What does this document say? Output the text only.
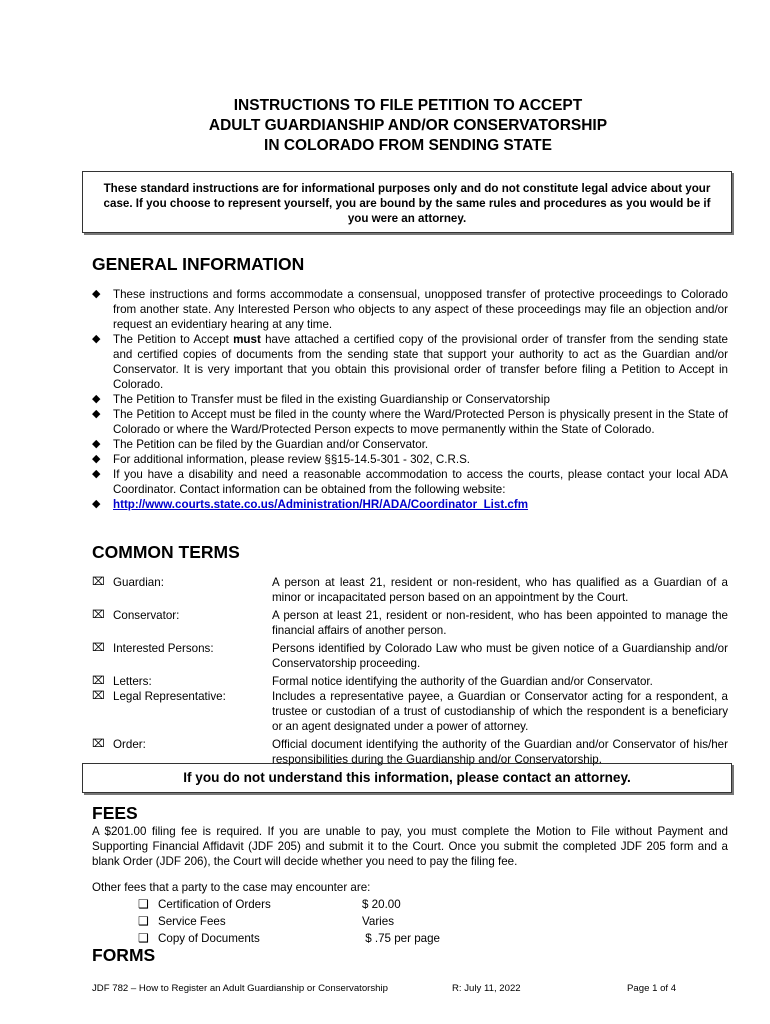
INSTRUCTIONS TO FILE PETITION TO ACCEPT
ADULT GUARDIANSHIP AND/OR CONSERVATORSHIP
IN COLORADO FROM SENDING STATE
These standard instructions are for informational purposes only and do not constitute legal advice about your case. If you choose to represent yourself, you are bound by the same rules and procedures as you would be if you were an attorney.
GENERAL INFORMATION
◆ These instructions and forms accommodate a consensual, unopposed transfer of protective proceedings to Colorado from another state. Any Interested Person who objects to any aspect of these proceedings may file an objection and/or request an evidentiary hearing at any time.
◆ The Petition to Accept must have attached a certified copy of the provisional order of transfer from the sending state and certified copies of documents from the sending state that support your authority to act as the Guardian and/or Conservator. It is very important that you obtain this provisional order of transfer before filing a Petition to Accept in Colorado.
◆ The Petition to Transfer must be filed in the existing Guardianship or Conservatorship
◆ The Petition to Accept must be filed in the county where the Ward/Protected Person is physically present in the State of Colorado or where the Ward/Protected Person expects to move permanently within the State of Colorado.
◆ The Petition can be filed by the Guardian and/or Conservator.
◆ For additional information, please review §§15-14.5-301 - 302, C.R.S.
◆ If you have a disability and need a reasonable accommodation to access the courts, please contact your local ADA Coordinator. Contact information can be obtained from the following website:
◆ http://www.courts.state.co.us/Administration/HR/ADA/Coordinator_List.cfm
COMMON TERMS
⌧ Guardian:	A person at least 21, resident or non-resident, who has qualified as a Guardian of a minor or incapacitated person based on an appointment by the Court.
⌧ Conservator:	A person at least 21, resident or non-resident, who has been appointed to manage the financial affairs of another person.
⌧ Interested Persons:	Persons identified by Colorado Law who must be given notice of a Guardianship and/or Conservatorship proceeding.
⌧ Letters:	Formal notice identifying the authority of the Guardian and/or Conservator.
⌧ Legal Representative:	Includes a representative payee, a Guardian or Conservator acting for a respondent, a trustee or custodian of a trust of custodianship of which the respondent is a beneficiary or an agent designated under a power of attorney.
⌧ Order:	Official document identifying the authority of the Guardian and/or Conservator of his/her responsibilities during the Guardianship and/or Conservatorship.
If you do not understand this information, please contact an attorney.
FEES
A $201.00 filing fee is required. If you are unable to pay, you must complete the Motion to File without Payment and Supporting Financial Affidavit (JDF 205) and submit it to the Court. Once you submit the completed JDF 205 form and a blank Order (JDF 206), the Court will decide whether you need to pay the filing fee.
Other fees that a party to the case may encounter are:
❑ Certification of Orders	$ 20.00
❑ Service Fees	Varies
❑ Copy of Documents	$ .75 per page
FORMS
JDF 782 – How to Register an Adult Guardianship or Conservatorship	R: July 11, 2022	Page 1 of 4
